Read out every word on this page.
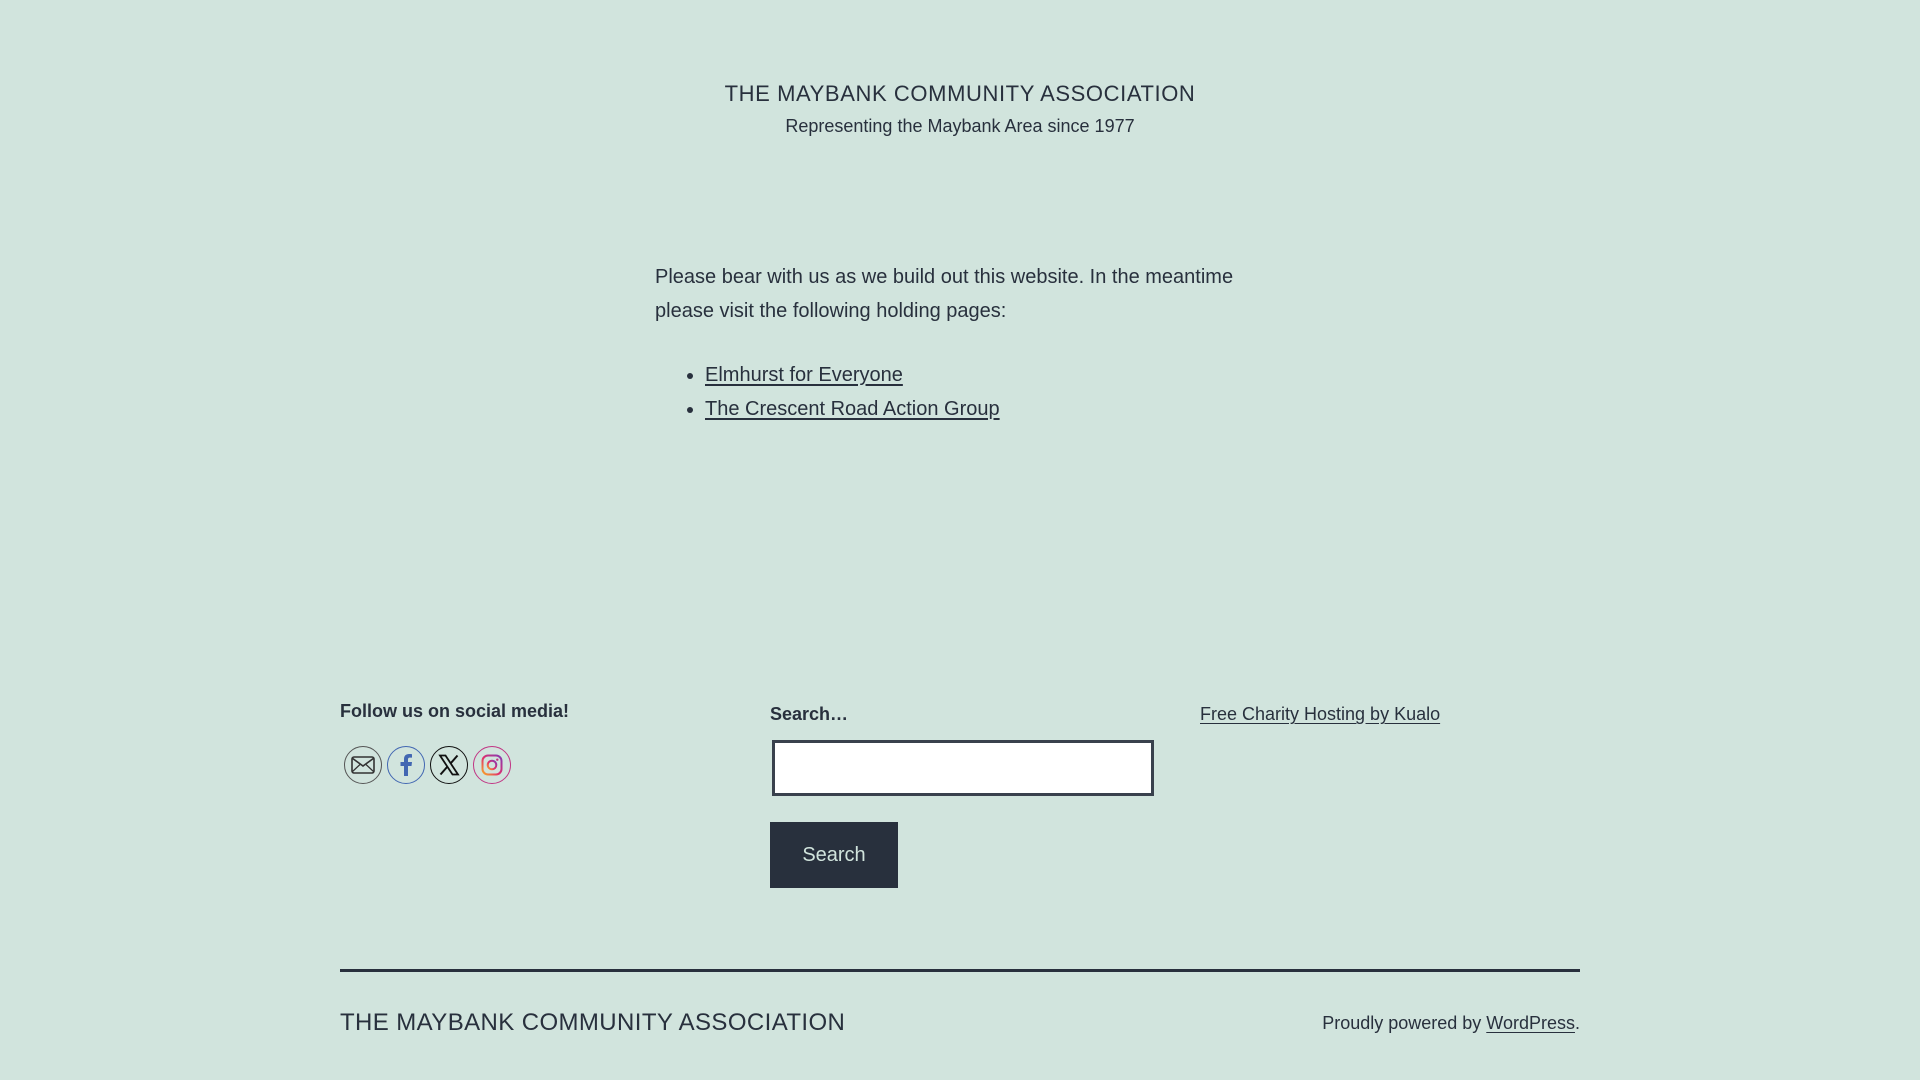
THE MAYBANK COMMUNITY ASSOCIATION
Representing the Maybank Area since 1977

Please bear with us as we build out this website. In the meantime please visit the following holding pages:

• Elmhurst for Everyone
• The Crescent Road Action Group
Follow us on social media!	Search…
Search
Free Charity Hosting by Kualo
THE MAYBANK COMMUNITY ASSOCIATION	Proudly powered by WordPress.
